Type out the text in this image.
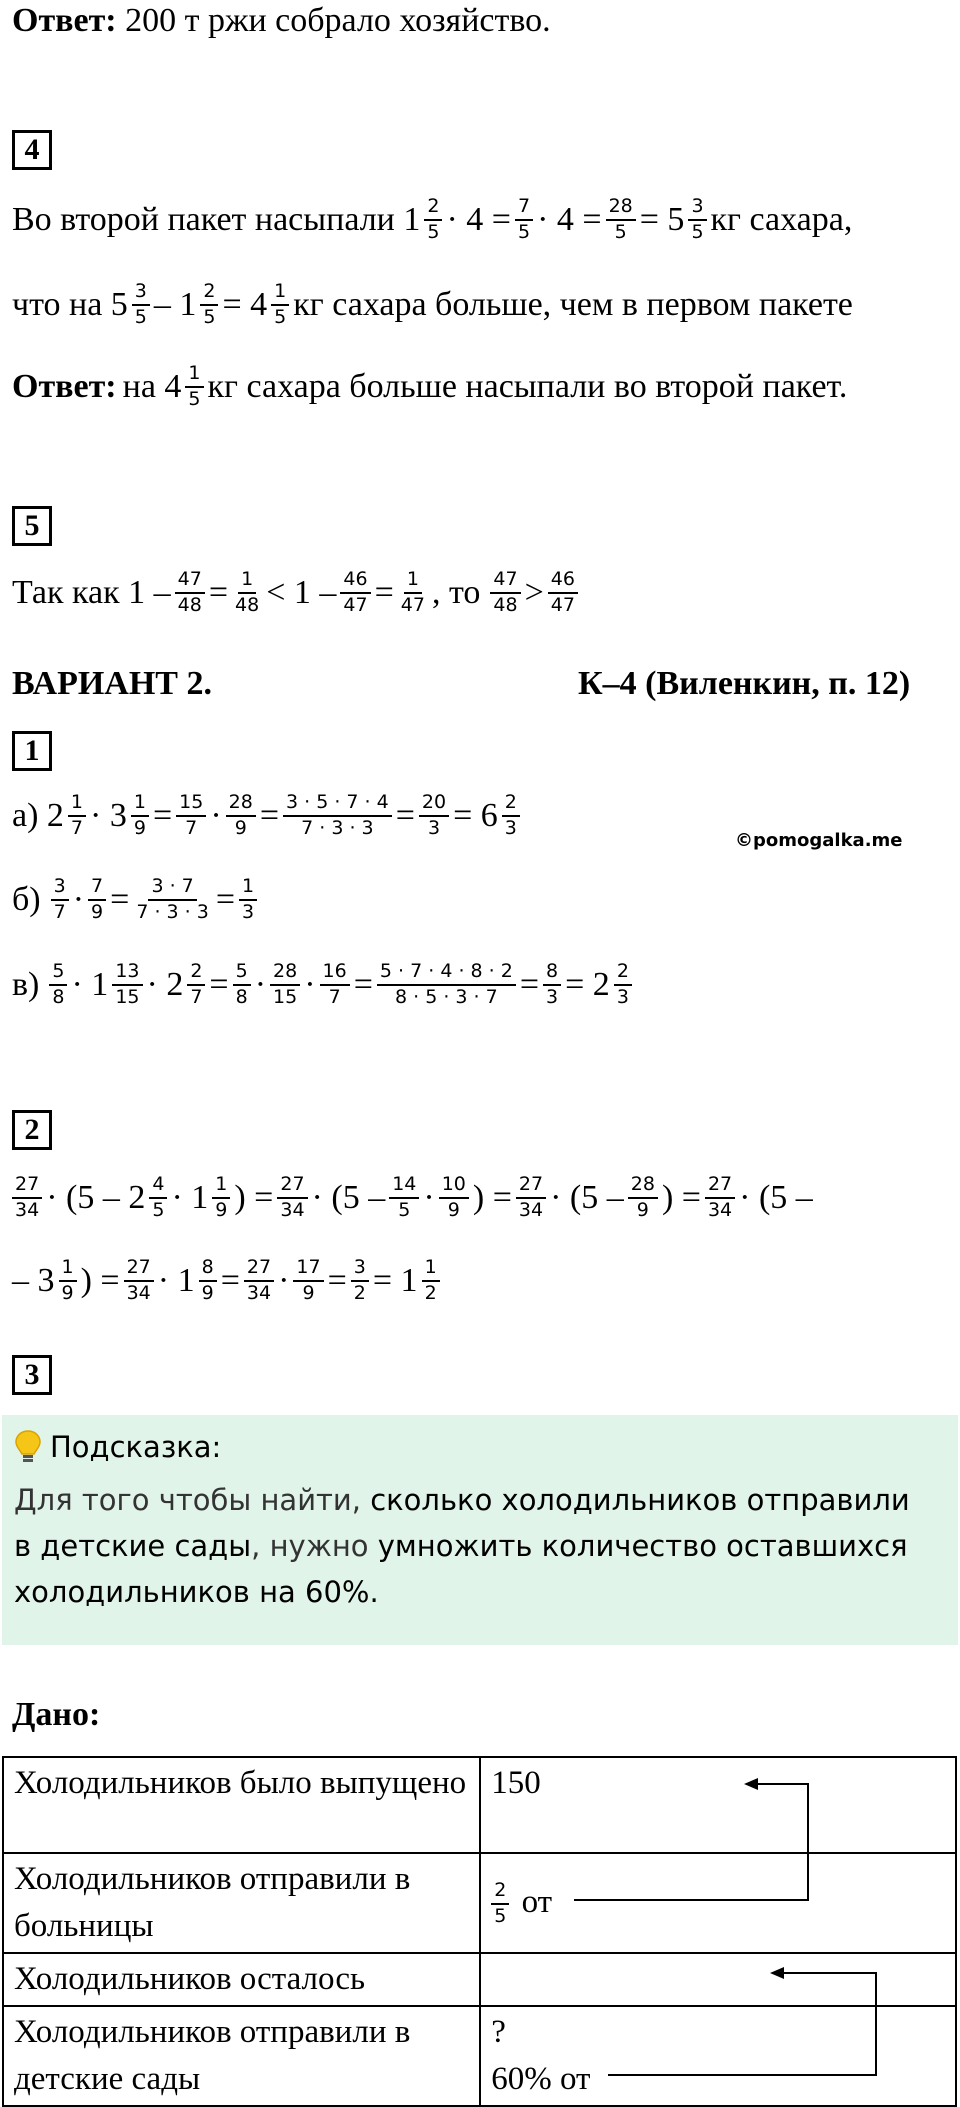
Ответ: 200 т ржи собрало хозяйство.
4
Во второй пакет насыпали 1 2
$5 \cdot 4 = \frac{7}{5} \cdot 4 = \frac{28}{5} = 5$ 3
5 кг сахара,
что на 5 3
$5 - 1 \frac{2}{5} = 4$ 1
5 кг сахара больше, чем в первом пакете
Ответ: на 4 1
5 кг сахара больше насыпали во второй пакет.
5
Так как $1 - \frac{47}{48} = \frac{1}{48} < 1 - \frac{46}{47} = \frac{1}{47}$ , то 47
48 > 46
47
ВАРИАНТ 2.	К–4 (Виленкин, п. 12)
1
а) 2 1
$7 \cdot 3 \frac{1}{9} = \frac{15}{7} \cdot \frac{28}{9} = \frac{3 \cdot 5 \cdot 7 \cdot 4}{7 \cdot 3 \cdot 3} = \frac{20}{3} = 6$ 2
3
©pomogalka.me
б) 3
$7 \cdot \frac{7}{9} = \frac{3 \cdot 7}{7 \cdot 3 \cdot 3} = \frac{1}{3}$
в) 5
8 · 1 13
$15 \cdot 2 \frac{2}{7} = \frac{5}{8} \cdot 28$
$15 \cdot \frac{16}{7} = \frac{5 \cdot 7 \cdot 4 \cdot 8 \cdot 2}{8 \cdot 5 \cdot 3 \cdot 7} = \frac{8}{3} = 2$ 2
3
2
27
34 · (5 – 2 4
5 · 1 1
9 ) = $\frac{27}{34} \cdot (5 - 14$
5 · 10
9 ) = $\frac{27}{34} \cdot (5 - 28$
9 ) = $\frac{27}{34} \cdot (5$ –
– 3 1
9 ) = $\frac{27}{34} \cdot 1 \frac{8}{9} = \frac{27}{34} \cdot \frac{17}{9} = \frac{3}{2} = 1$ 1
2
3
Подсказка:
Для того чтобы найти, сколько холодильников отправили в детские сады, нужно умножить количество оставшихся холодильников на 60%.
Дано:
Холодильников было выпущено	150
Холодильников отправили в больницы	$\frac{2}{5}$ от
Холодильников осталось	
Холодильников отправили в детские сады	?
60% от
